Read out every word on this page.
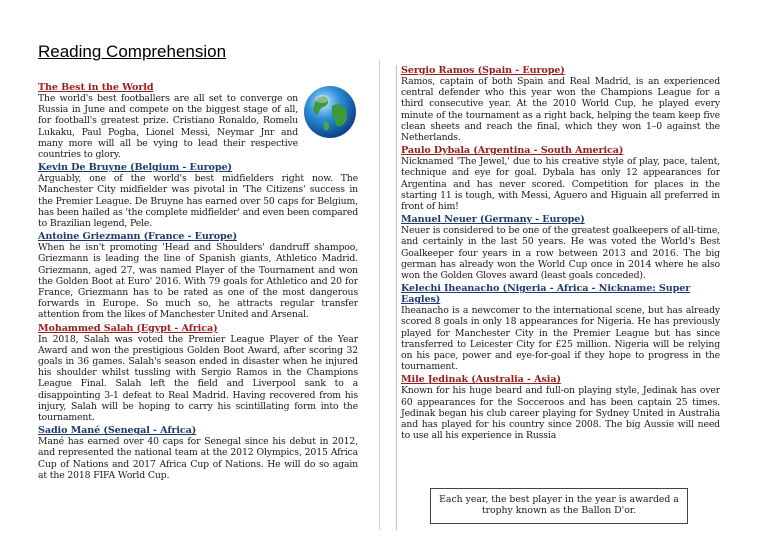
Reading Comprehension

The Best in the World

The world's best footballers are all set to converge on Russia in June and compete on the biggest stage of all, for football's greatest prize. Cristiano Ronaldo, Romelu Lukaku, Paul Pogba, Lionel Messi, Neymar Jnr and many more will all be vying to lead their respective countries to glory.

Kevin De Bruyne (Belgium - Europe)

Arguably, one of the world's best midfielders right now. The Manchester City midfielder was pivotal in 'The Citizens' success in the Premier League. De Bruyne has earned over 50 caps for Belgium, has been hailed as 'the complete midfielder' and even been compared to Brazilian legend, Pele.

Antoine Griezmann (France - Europe)

When he isn't promoting 'Head and Shoulders' dandruff shampoo, Griezmann is leading the line of Spanish giants, Athletico Madrid. Griezmann, aged 27, was named Player of the Tournament and won the Golden Boot at Euro' 2016. With 79 goals for Athletico and 20 for France, Griezmann has to be rated as one of the most dangerous forwards in Europe. So much so, he attracts regular transfer attention from the likes of Manchester United and Arsenal.

Mohammed Salah (Egypt - Africa)

In 2018, Salah was voted the Premier League Player of the Year Award and won the prestigious Golden Boot Award, after scoring 32 goals in 36 games. Salah's season ended in disaster when he injured his shoulder whilst tussling with Sergio Ramos in the Champions League Final. Salah left the field and Liverpool sank to a disappointing 3-1 defeat to Real Madrid. Having recovered from his injury, Salah will be hoping to carry his scintillating form into the tournament.

Sadio Mané (Senegal - Africa)

Mané has earned over 40 caps for Senegal since his debut in 2012, and represented the national team at the 2012 Olympics, 2015 Africa Cup of Nations and 2017 Africa Cup of Nations. He will do so again at the 2018 FIFA World Cup.

Sergio Ramos (Spain - Europe)

Ramos, captain of both Spain and Real Madrid, is an experienced central defender who this year won the Champions League for a third consecutive year. At the 2010 World Cup, he played every minute of the tournament as a right back, helping the team keep five clean sheets and reach the final, which they won 1–0 against the Netherlands.

Paulo Dybala (Argentina - South America)

Nicknamed 'The Jewel,' due to his creative style of play, pace, talent, technique and eye for goal. Dybala has only 12 appearances for Argentina and has never scored. Competition for places in the starting 11 is tough, with Messi, Aguero and Higuain all preferred in front of him!

Manuel Neuer (Germany - Europe)

Neuer is considered to be one of the greatest goalkeepers of all-time, and certainly in the last 50 years. He was voted the World's Best Goalkeeper four years in a row between 2013 and 2016. The big german has already won the World Cup once in 2014 where he also won the Golden Gloves award (least goals conceded).

Kelechi Iheanacho (Nigeria - Africa - Nickname: Super Eagles)

Iheanacho is a newcomer to the international scene, but has already scored 8 goals in only 18 appearances for Nigeria. He has previously played for Manchester City in the Premier League but has since transferred to Leicester City for £25 million. Nigeria will be relying on his pace, power and eye-for-goal if they hope to progress in the tournament.

Mile Jedinak (Australia - Asia)

Known for his huge beard and full-on playing style, Jedinak has over 60 appearances for the Socceroos and has been captain 25 times. Jedinak began his club career playing for Sydney United in Australia and has played for his country since 2008. The big Aussie will need to use all his experience in Russia

Each year, the best player in the year is awarded a trophy known as the Ballon D'or.
